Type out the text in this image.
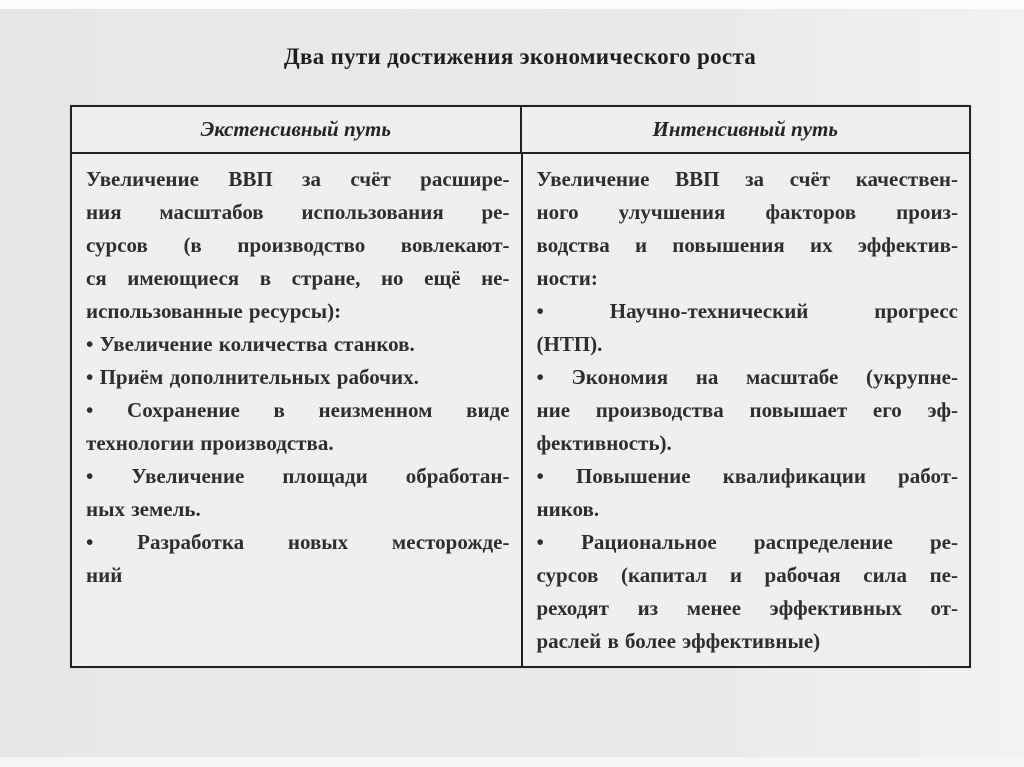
Два пути достижения экономического роста
Экстенсивный путь	Интенсивный путь
Увеличение ВВП за счёт расшире-
ния масштабов использования ре-
сурсов (в производство вовлекают-
ся имеющиеся в стране, но ещё не-
использованные ресурсы):
• Увеличение количества станков.
• Приём дополнительных рабочих.
• Сохранение в неизменном виде
технологии производства.
• Увеличение площади обработан-
ных земель.
• Разработка новых месторожде-
ний
Увеличение ВВП за счёт качествен-
ного улучшения факторов произ-
водства и повышения их эффектив-
ности:
• Научно-технический прогресс
(НТП).
• Экономия на масштабе (укрупне-
ние производства повышает его эф-
фективность).
• Повышение квалификации работ-
ников.
• Рациональное распределение ре-
сурсов (капитал и рабочая сила пе-
реходят из менее эффективных от-
раслей в более эффективные)
